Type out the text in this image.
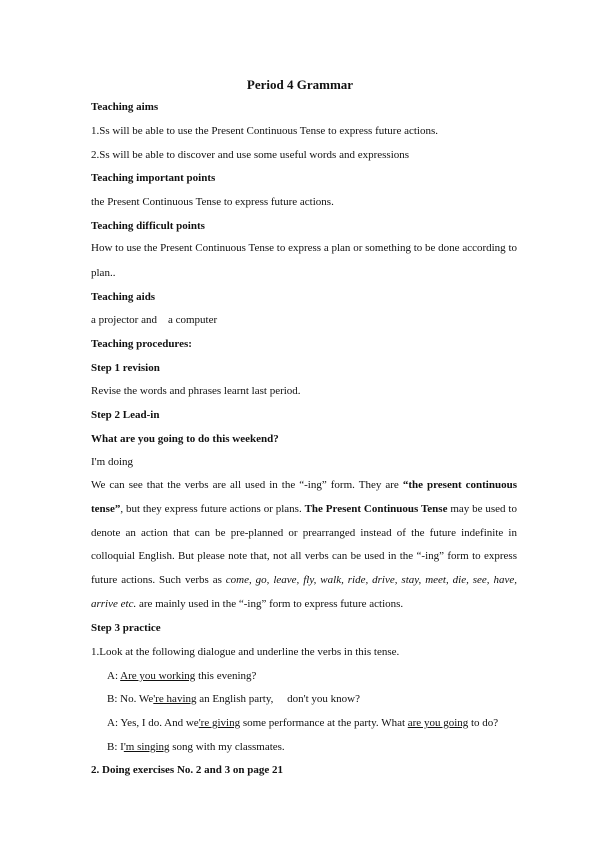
Period 4 Grammar
Teaching aims
1.Ss will be able to use the Present Continuous Tense to express future actions.
2.Ss will be able to discover and use some useful words and expressions
Teaching important points
the Present Continuous Tense to express future actions.
Teaching difficult points
How to use the Present Continuous Tense to express a plan or something to be done according to
plan..
Teaching aids
a projector and    a computer
Teaching procedures:
Step 1 revision
Revise the words and phrases learnt last period.
Step 2 Lead-in
What are you going to do this weekend?
I'm doing
We can see that the verbs are all used in the “-ing” form. They are “the present continuous
tense”, but they express future actions or plans. The Present Continuous Tense may be used to
denote an action that can be pre-planned or prearranged instead of the future indefinite in
colloquial English. But please note that, not all verbs can be used in the “-ing” form to express
future actions. Such verbs as come, go, leave, fly, walk, ride, drive, stay, meet, die, see, have,
arrive etc. are mainly used in the “-ing” form to express future actions.
Step 3 practice
1.Look at the following dialogue and underline the verbs in this tense.
A: Are you working this evening?
B: No. We're having an English party,     don't you know?
A: Yes, I do. And we're giving some performance at the party. What are you going to do?
B: I'm singing song with my classmates.
2. Doing exercises No. 2 and 3 on page 21
